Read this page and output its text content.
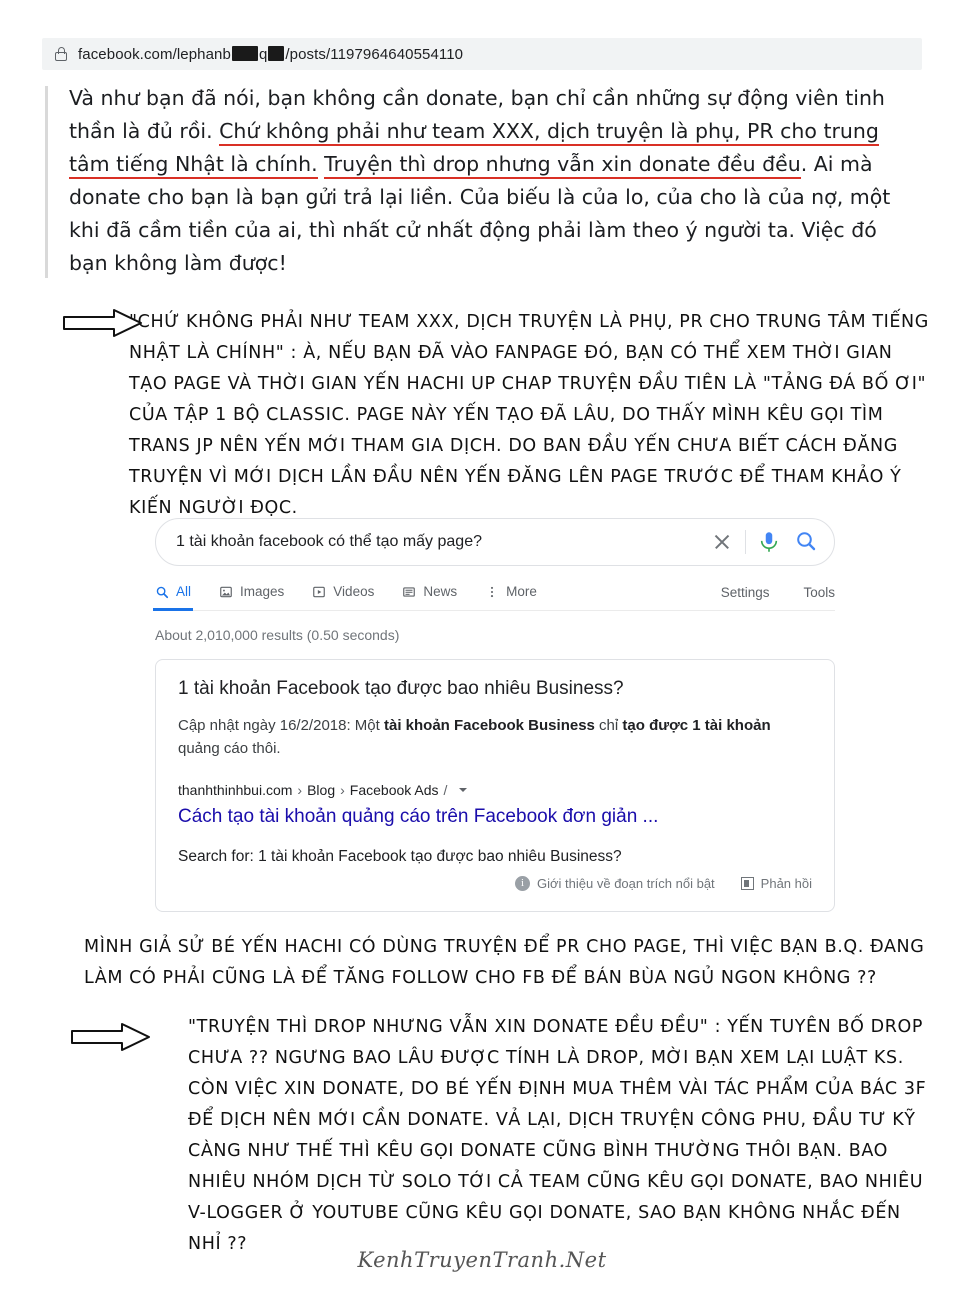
facebook.com/lephanb q /posts/1197964640554110
Và như bạn đã nói, bạn không cần donate, bạn chỉ cần những sự động viên tinh thần là đủ rồi. Chứ không phải như team XXX, dịch truyện là phụ, PR cho trung tâm tiếng Nhật là chính. Truyện thì drop nhưng vẫn xin donate đều đều. Ai mà donate cho bạn là bạn gửi trả lại liền. Của biếu là của lo, của cho là của nợ, một khi đã cầm tiền của ai, thì nhất cử nhất động phải làm theo ý người ta. Việc đó bạn không làm được!
"CHỨ KHÔNG PHẢI NHƯ TEAM XXX, DỊCH TRUYỆN LÀ PHỤ, PR CHO TRUNG TÂM TIẾNG NHẬT LÀ CHÍNH" : À, NẾU BẠN ĐÃ VÀO FANPAGE ĐÓ, BẠN CÓ THỂ XEM THỜI GIAN TẠO PAGE VÀ THỜI GIAN YẾN HACHI UP CHAP TRUYỆN ĐẦU TIÊN LÀ "TẢNG ĐÁ BỐ ƠI" CỦA TẬP 1 BỘ CLASSIC. PAGE NÀY YẾN TẠO ĐÃ LÂU, DO THẤY MÌNH KÊU GỌI TÌM TRANS JP NÊN YẾN MỚI THAM GIA DỊCH. DO BAN ĐẦU YẾN CHƯA BIẾT CÁCH ĐĂNG TRUYỆN VÌ MỚI DỊCH LẦN ĐẦU NÊN YẾN ĐĂNG LÊN PAGE TRƯỚC ĐỂ THAM KHẢO Ý KIẾN NGƯỜI ĐỌC.
1 tài khoản facebook có thể tạo mấy page?
All	Images	Videos	News	More	Settings	Tools
About 2,010,000 results (0.50 seconds)
1 tài khoản Facebook tạo được bao nhiêu Business?
Cập nhật ngày 16/2/2018: Một tài khoản Facebook Business chỉ tạo được 1 tài khoản quảng cáo thôi.
thanhthinhbui.com › Blog › Facebook Ads /
Cách tạo tài khoản quảng cáo trên Facebook đơn giản ...
Search for: 1 tài khoản Facebook tạo được bao nhiêu Business?
i Giới thiệu về đoạn trích nổi bật	Phản hồi
MÌNH GIẢ SỬ BÉ YẾN HACHI CÓ DÙNG TRUYỆN ĐỂ PR CHO PAGE, THÌ VIỆC BẠN B.Q. ĐANG LÀM CÓ PHẢI CŨNG LÀ ĐỂ TĂNG FOLLOW CHO FB ĐỂ BÁN BÙA NGỦ NGON KHÔNG ??
"TRUYỆN THÌ DROP NHƯNG VẪN XIN DONATE ĐỀU ĐỀU" : YẾN TUYÊN BỐ DROP CHƯA ?? NGƯNG BAO LÂU ĐƯỢC TÍNH LÀ DROP, MỜI BẠN XEM LẠI LUẬT KS. CÒN VIỆC XIN DONATE, DO BÉ YẾN ĐỊNH MUA THÊM VÀI TÁC PHẨM CỦA BÁC 3F ĐỂ DỊCH NÊN MỚI CẦN DONATE. VẢ LẠI, DỊCH TRUYỆN CÔNG PHU, ĐẦU TƯ KỸ CÀNG NHƯ THẾ THÌ KÊU GỌI DONATE CŨNG BÌNH THƯỜNG THÔI BẠN. BAO NHIÊU NHÓM DỊCH TỪ SOLO TỚI CẢ TEAM CŨNG KÊU GỌI DONATE, BAO NHIÊU V-LOGGER Ở YOUTUBE CŨNG KÊU GỌI DONATE, SAO BẠN KHÔNG NHẮC ĐẾN NHỈ ??
KenhTruyenTranh.Net
